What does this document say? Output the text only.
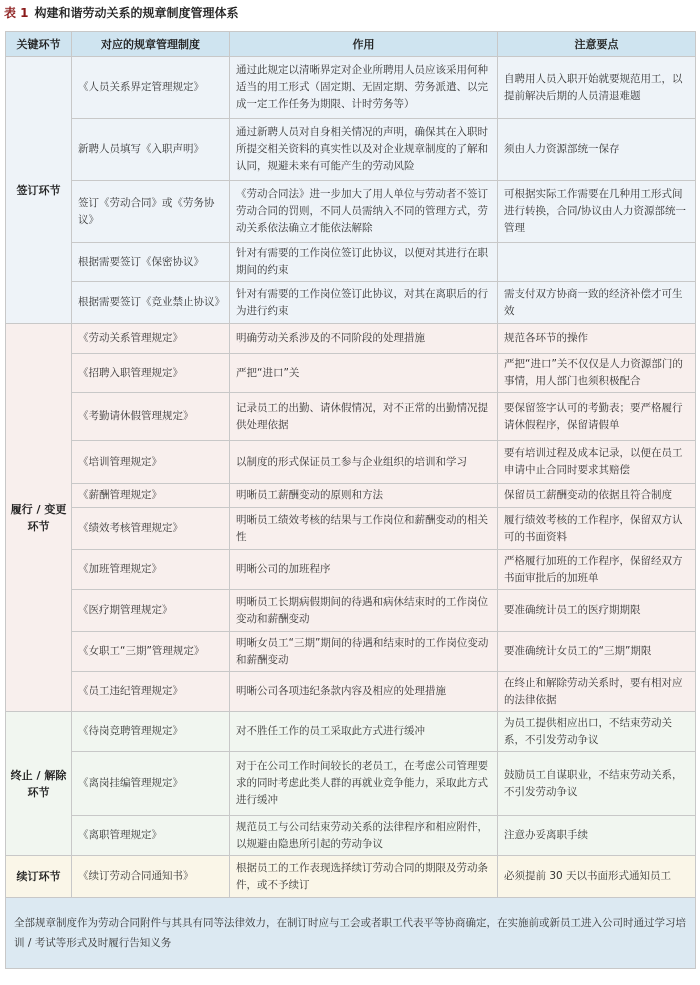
表 1 构建和谐劳动关系的规章制度管理体系
关键环节	对应的规章管理制度	作用	注意要点
签订环节	《人员关系界定管理规定》	通过此规定以清晰界定对企业所聘用人员应该采用何种适当的用工形式（固定期、无固定期、劳务派遣、以完成一定工作任务为期限、计时劳务等）	自聘用人员入职开始就要规范用工，以提前解决后期的人员清退难题
	新聘人员填写《入职声明》	通过新聘人员对自身相关情况的声明，确保其在入职时所提交相关资料的真实性以及对企业规章制度的了解和认同，规避未来有可能产生的劳动风险	须由人力资源部统一保存
	签订《劳动合同》或《劳务协议》	《劳动合同法》进一步加大了用人单位与劳动者不签订劳动合同的罚则，不同人员需纳入不同的管理方式，劳动关系依法确立才能依法解除	可根据实际工作需要在几种用工形式间进行转换，合同/协议由人力资源部统一管理
	根据需要签订《保密协议》	针对有需要的工作岗位签订此协议，以便对其进行在职期间的约束	
	根据需要签订《竞业禁止协议》	针对有需要的工作岗位签订此协议，对其在离职后的行为进行约束	需支付双方协商一致的经济补偿才可生效
履行 / 变更环节	《劳动关系管理规定》	明确劳动关系涉及的不同阶段的处理措施	规范各环节的操作
	《招聘入职管理规定》	严把“进口”关	严把“进口”关不仅仅是人力资源部门的事情，用人部门也须积极配合
	《考勤请休假管理规定》	记录员工的出勤、请休假情况，对不正常的出勤情况提供处理依据	要保留签字认可的考勤表；要严格履行请休假程序，保留请假单
	《培训管理规定》	以制度的形式保证员工参与企业组织的培训和学习	要有培训过程及成本记录，以便在员工申请中止合同时要求其赔偿
	《薪酬管理规定》	明晰员工薪酬变动的原则和方法	保留员工薪酬变动的依据且符合制度
	《绩效考核管理规定》	明晰员工绩效考核的结果与工作岗位和薪酬变动的相关性	履行绩效考核的工作程序，保留双方认可的书面资料
	《加班管理规定》	明晰公司的加班程序	严格履行加班的工作程序，保留经双方书面审批后的加班单
	《医疗期管理规定》	明晰员工长期病假期间的待遇和病休结束时的工作岗位变动和薪酬变动	要准确统计员工的医疗期期限
	《女职工“三期”管理规定》	明晰女员工“三期”期间的待遇和结束时的工作岗位变动和薪酬变动	要准确统计女员工的“三期”期限
	《员工违纪管理规定》	明晰公司各项违纪条款内容及相应的处理措施	在终止和解除劳动关系时，要有相对应的法律依据
终止 / 解除环节	《待岗竞聘管理规定》	对不胜任工作的员工采取此方式进行缓冲	为员工提供相应出口，不结束劳动关系，不引发劳动争议
	《离岗挂编管理规定》	对于在公司工作时间较长的老员工，在考虑公司管理要求的同时考虑此类人群的再就业竞争能力，采取此方式进行缓冲	鼓励员工自谋职业，不结束劳动关系，不引发劳动争议
	《离职管理规定》	规范员工与公司结束劳动关系的法律程序和相应附件，以规避由隐患所引起的劳动争议	注意办妥离职手续
续订环节	《续订劳动合同通知书》	根据员工的工作表现选择续订劳动合同的期限及劳动条件，或不予续订	必须提前 30 天以书面形式通知员工
全部规章制度作为劳动合同附件与其具有同等法律效力，在制订时应与工会或者职工代表平等协商确定，在实施前或新员工进入公司时通过学习培训 / 考试等形式及时履行告知义务			
